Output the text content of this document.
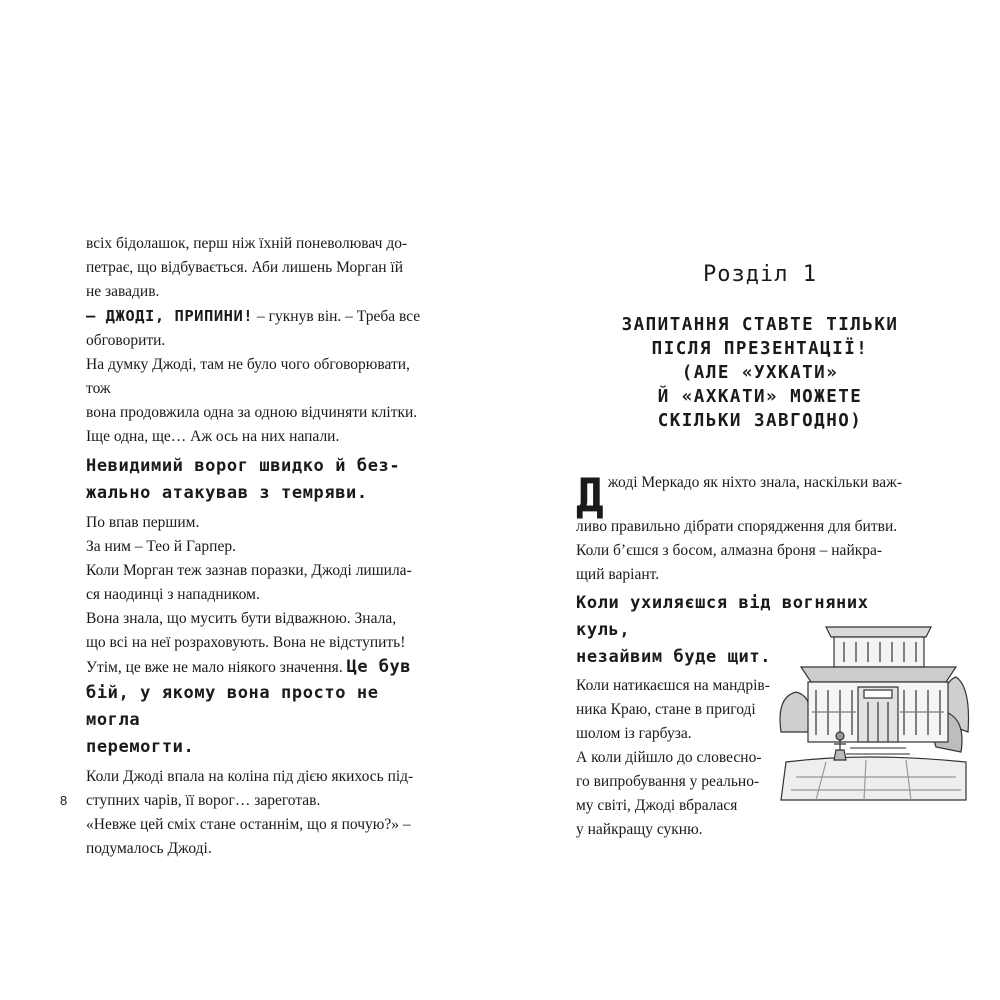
всіх бідолашок, перш ніж їхній поневолювач до-

петрає, що відбувається. Аби лишень Морган їй

не завадив.

– ДЖОДІ, ПРИПИНИ! – гукнув він. – Треба все

обговорити.

На думку Джоді, там не було чого обговорювати, тож

вона продовжила одна за одною відчиняти клітки.

Іще одна, ще… Аж ось на них напали.

Невидимий ворог швидко й без-

жально атакував з темряви.

По впав першим.

За ним – Тео й Гарпер.

Коли Морган теж зазнав поразки, Джоді лишила-

ся наодинці з нападником.

Вона знала, що мусить бути відважною. Знала,

що всі на неї розраховують. Вона не відступить!

Утім, це вже не мало ніякого значення. Це був

бій, у якому вона просто не могла

перемогти.

Коли Джоді впала на коліна під дією якихось під-

ступних чарів, її ворог… зареготав.

«Невже цей сміх стане останнім, що я почую?» –

подумалось Джоді.

8
Розділ 1
ЗАПИТАННЯ СТАВТЕ ТІЛЬКИ
ПІСЛЯ ПРЕЗЕНТАЦІЇ!
(АЛЕ «УХКАТИ»
Й «АХКАТИ» МОЖЕТЕ
СКІЛЬКИ ЗАВГОДНО)
Д жоді Меркадо як ніхто знала, наскільки важ-

ливо правильно дібрати спорядження для битви.

Коли б’єшся з босом, алмазна броня – найкра-

щий варіант.

Коли ухиляєшся від вогняних куль,

незайвим буде щит.

Коли натикаєшся на мандрів-

ника Краю, стане в пригоді

шолом із гарбуза.

А коли дійшло до словесно-

го випробування у реально-

му світі, Джоді вбралася

у найкращу сукню.
